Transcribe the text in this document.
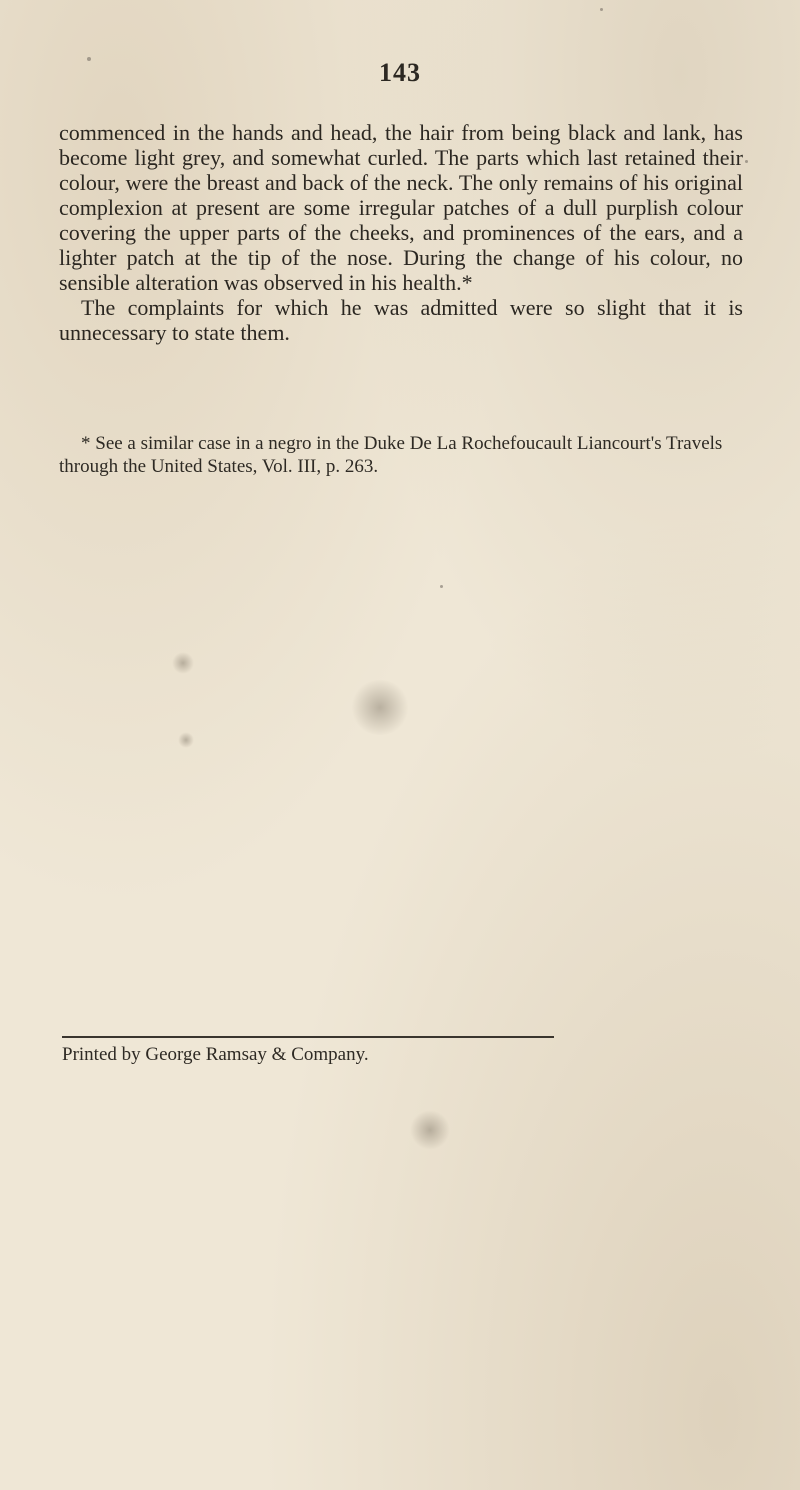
143

commenced in the hands and head, the hair from being black and lank, has become light grey, and somewhat curled. The parts which last retained their colour, were the breast and back of the neck. The only remains of his original complexion at present are some irregular patches of a dull purplish colour covering the upper parts of the cheeks, and prominences of the ears, and a lighter patch at the tip of the nose. During the change of his colour, no sensible alteration was observed in his health.*

The complaints for which he was admitted were so slight that it is unnecessary to state them.

* See a similar case in a negro in the Duke De La Rochefoucault Liancourt's Travels through the United States, Vol. III, p. 263.
Printed by George Ramsay & Company.
